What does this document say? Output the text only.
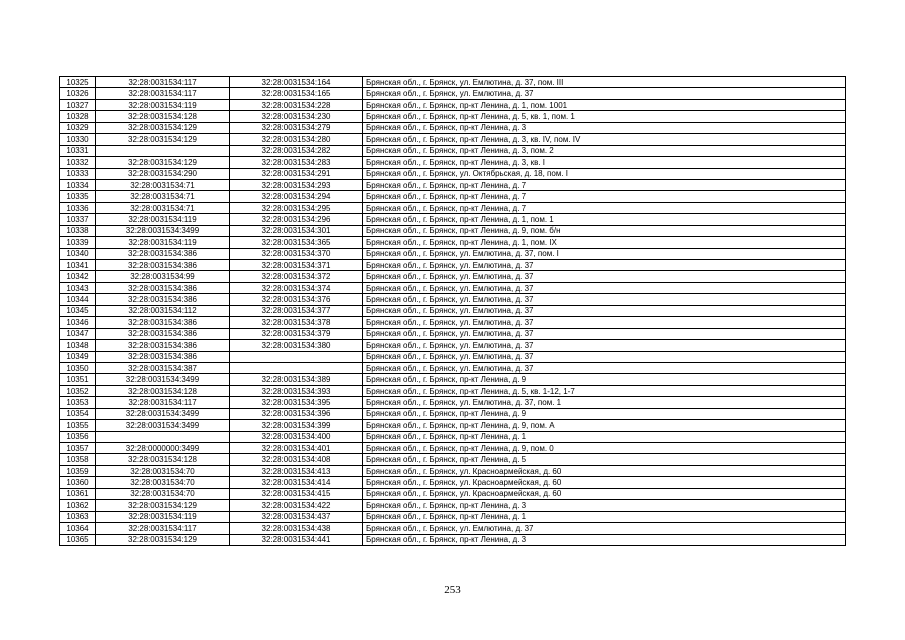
10325	32:28:0031534:117	32:28:0031534:164	Брянская обл., г. Брянск, ул. Емлютина, д. 37, пом. III
10326	32:28:0031534:117	32:28:0031534:165	Брянская обл., г. Брянск, ул. Емлютина, д. 37
10327	32:28:0031534:119	32:28:0031534:228	Брянская обл., г. Брянск, пр-кт Ленина, д. 1, пом. 1001
10328	32:28:0031534:128	32:28:0031534:230	Брянская обл., г. Брянск, пр-кт Ленина, д. 5, кв. 1, пом. 1
10329	32:28:0031534:129	32:28:0031534:279	Брянская обл., г. Брянск, пр-кт Ленина, д. 3
10330	32:28:0031534:129	32:28:0031534:280	Брянская обл., г. Брянск, пр-кт Ленина, д. 3, кв. IV, пом. IV
10331		32:28:0031534:282	Брянская обл., г. Брянск, пр-кт Ленина, д. 3, пом. 2
10332	32:28:0031534:129	32:28:0031534:283	Брянская обл., г. Брянск, пр-кт Ленина, д. 3, кв. I
10333	32:28:0031534:290	32:28:0031534:291	Брянская обл., г. Брянск, ул. Октябрьская, д. 18, пом. I
10334	32:28:0031534:71	32:28:0031534:293	Брянская обл., г. Брянск, пр-кт Ленина, д. 7
10335	32:28:0031534:71	32:28:0031534:294	Брянская обл., г. Брянск, пр-кт Ленина, д. 7
10336	32:28:0031534:71	32:28:0031534:295	Брянская обл., г. Брянск, пр-кт Ленина, д. 7
10337	32:28:0031534:119	32:28:0031534:296	Брянская обл., г. Брянск, пр-кт Ленина, д. 1, пом. 1
10338	32:28:0031534:3499	32:28:0031534:301	Брянская обл., г. Брянск, пр-кт Ленина, д. 9, пом. б/н
10339	32:28:0031534:119	32:28:0031534:365	Брянская обл., г. Брянск, пр-кт Ленина, д. 1, пом. IX
10340	32:28:0031534:386	32:28:0031534:370	Брянская обл., г. Брянск, ул. Емлютина, д. 37, пом. I
10341	32:28:0031534:386	32:28:0031534:371	Брянская обл., г. Брянск, ул. Емлютина, д. 37
10342	32:28:0031534:99	32:28:0031534:372	Брянская обл., г. Брянск, ул. Емлютина, д. 37
10343	32:28:0031534:386	32:28:0031534:374	Брянская обл., г. Брянск, ул. Емлютина, д. 37
10344	32:28:0031534:386	32:28:0031534:376	Брянская обл., г. Брянск, ул. Емлютина, д. 37
10345	32:28:0031534:112	32:28:0031534:377	Брянская обл., г. Брянск, ул. Емлютина, д. 37
10346	32:28:0031534:386	32:28:0031534:378	Брянская обл., г. Брянск, ул. Емлютина, д. 37
10347	32:28:0031534:386	32:28:0031534:379	Брянская обл., г. Брянск, ул. Емлютина, д. 37
10348	32:28:0031534:386	32:28:0031534:380	Брянская обл., г. Брянск, ул. Емлютина, д. 37
10349	32:28:0031534:386		Брянская обл., г. Брянск, ул. Емлютина, д. 37
10350	32:28:0031534:387		Брянская обл., г. Брянск, ул. Емлютина, д. 37
10351	32:28:0031534:3499	32:28:0031534:389	Брянская обл., г. Брянск, пр-кт Ленина, д. 9
10352	32:28:0031534:128	32:28:0031534:393	Брянская обл., г. Брянск, пр-кт Ленина, д. 5, кв. 1-12, 1-7
10353	32:28:0031534:117	32:28:0031534:395	Брянская обл., г. Брянск, ул. Емлютина, д. 37, пом. 1
10354	32:28:0031534:3499	32:28:0031534:396	Брянская обл., г. Брянск, пр-кт Ленина, д. 9
10355	32:28:0031534:3499	32:28:0031534:399	Брянская обл., г. Брянск, пр-кт Ленина, д. 9, пом. А
10356		32:28:0031534:400	Брянская обл., г. Брянск, пр-кт Ленина, д. 1
10357	32:28:0000000:3499	32:28:0031534:401	Брянская обл., г. Брянск, пр-кт Ленина, д. 9, пом. 0
10358	32:28:0031534:128	32:28:0031534:408	Брянская обл., г. Брянск, пр-кт Ленина, д. 5
10359	32:28:0031534:70	32:28:0031534:413	Брянская обл., г. Брянск, ул. Красноармейская, д. 60
10360	32:28:0031534:70	32:28:0031534:414	Брянская обл., г. Брянск, ул. Красноармейская, д. 60
10361	32:28:0031534:70	32:28:0031534:415	Брянская обл., г. Брянск, ул. Красноармейская, д. 60
10362	32:28:0031534:129	32:28:0031534:422	Брянская обл., г. Брянск, пр-кт Ленина, д. 3
10363	32:28:0031534:119	32:28:0031534:437	Брянская обл., г. Брянск, пр-кт Ленина, д. 1
10364	32:28:0031534:117	32:28:0031534:438	Брянская обл., г. Брянск, ул. Емлютина, д. 37
10365	32:28:0031534:129	32:28:0031534:441	Брянская обл., г. Брянск, пр-кт Ленина, д. 3
253
